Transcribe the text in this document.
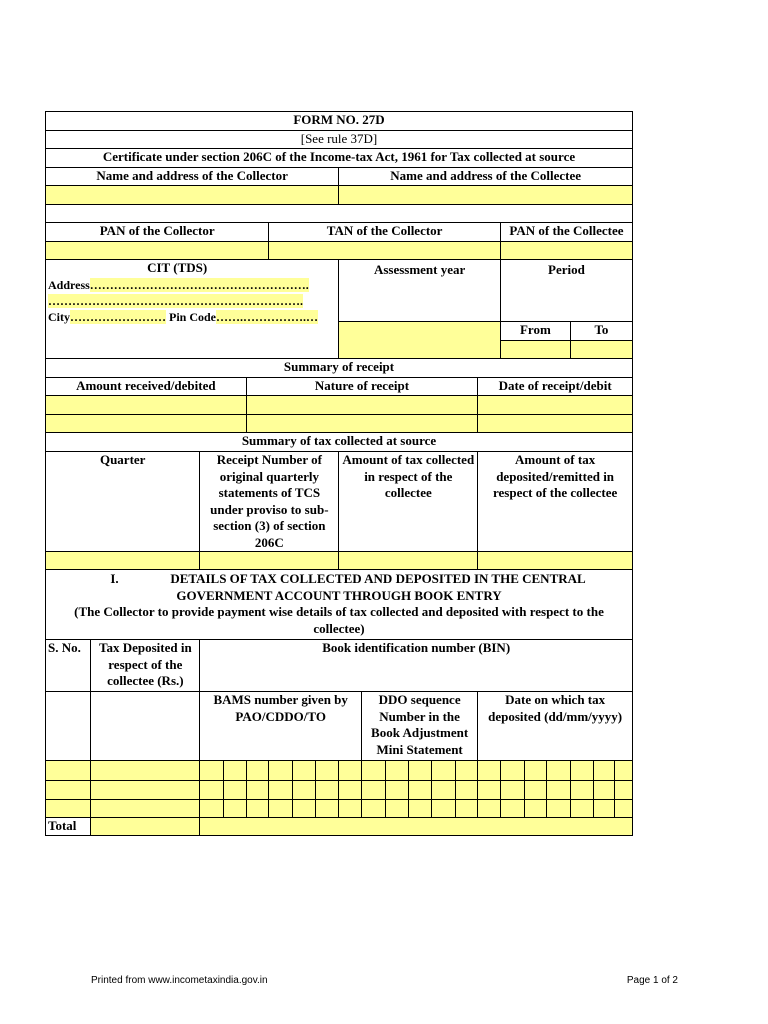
FORM NO. 27D																				
[See rule 37D]																				
Certificate under section 206C of the Income-tax Act, 1961 for Tax collected at source																				
Name and address of the Collector								Name and address of the Collectee												

PAN of the Collector					TAN of the Collector										PAN of the Collectee					

CIT (TDS)
Address……………………………………………….
……………………………………………………….
City…………………… Pin Code…….…………….…								Assessment year							Period					
															From			To		

Summary of receipt																				
Amount received/debited				Nature of receipt										Date of receipt/debit						

Summary of tax collected at source																				
Quarter		Receipt Number of original quarterly statements of TCS under proviso to sub-section (3) of section 206C						Amount of tax collected in respect of the collectee						Amount of tax deposited/remitted in respect of the collectee						

I. DETAILS OF TAX COLLECTED AND DEPOSITED IN THE CENTRAL
GOVERNMENT ACCOUNT THROUGH BOOK ENTRY
(The Collector to provide payment wise details of tax collected and deposited with respect to the collectee)																				

S. No.	Tax Deposited in respect of the collectee (Rs.)	Book identification number (BIN)																		
		BAMS number given by PAO/CDDO/TO							DDO sequence Number in the Book Adjustment Mini Statement					Date on which tax deposited (dd/mm/yyyy)						

Total																				
Printed from www.incometaxindia.gov.in	Page 1 of 2
